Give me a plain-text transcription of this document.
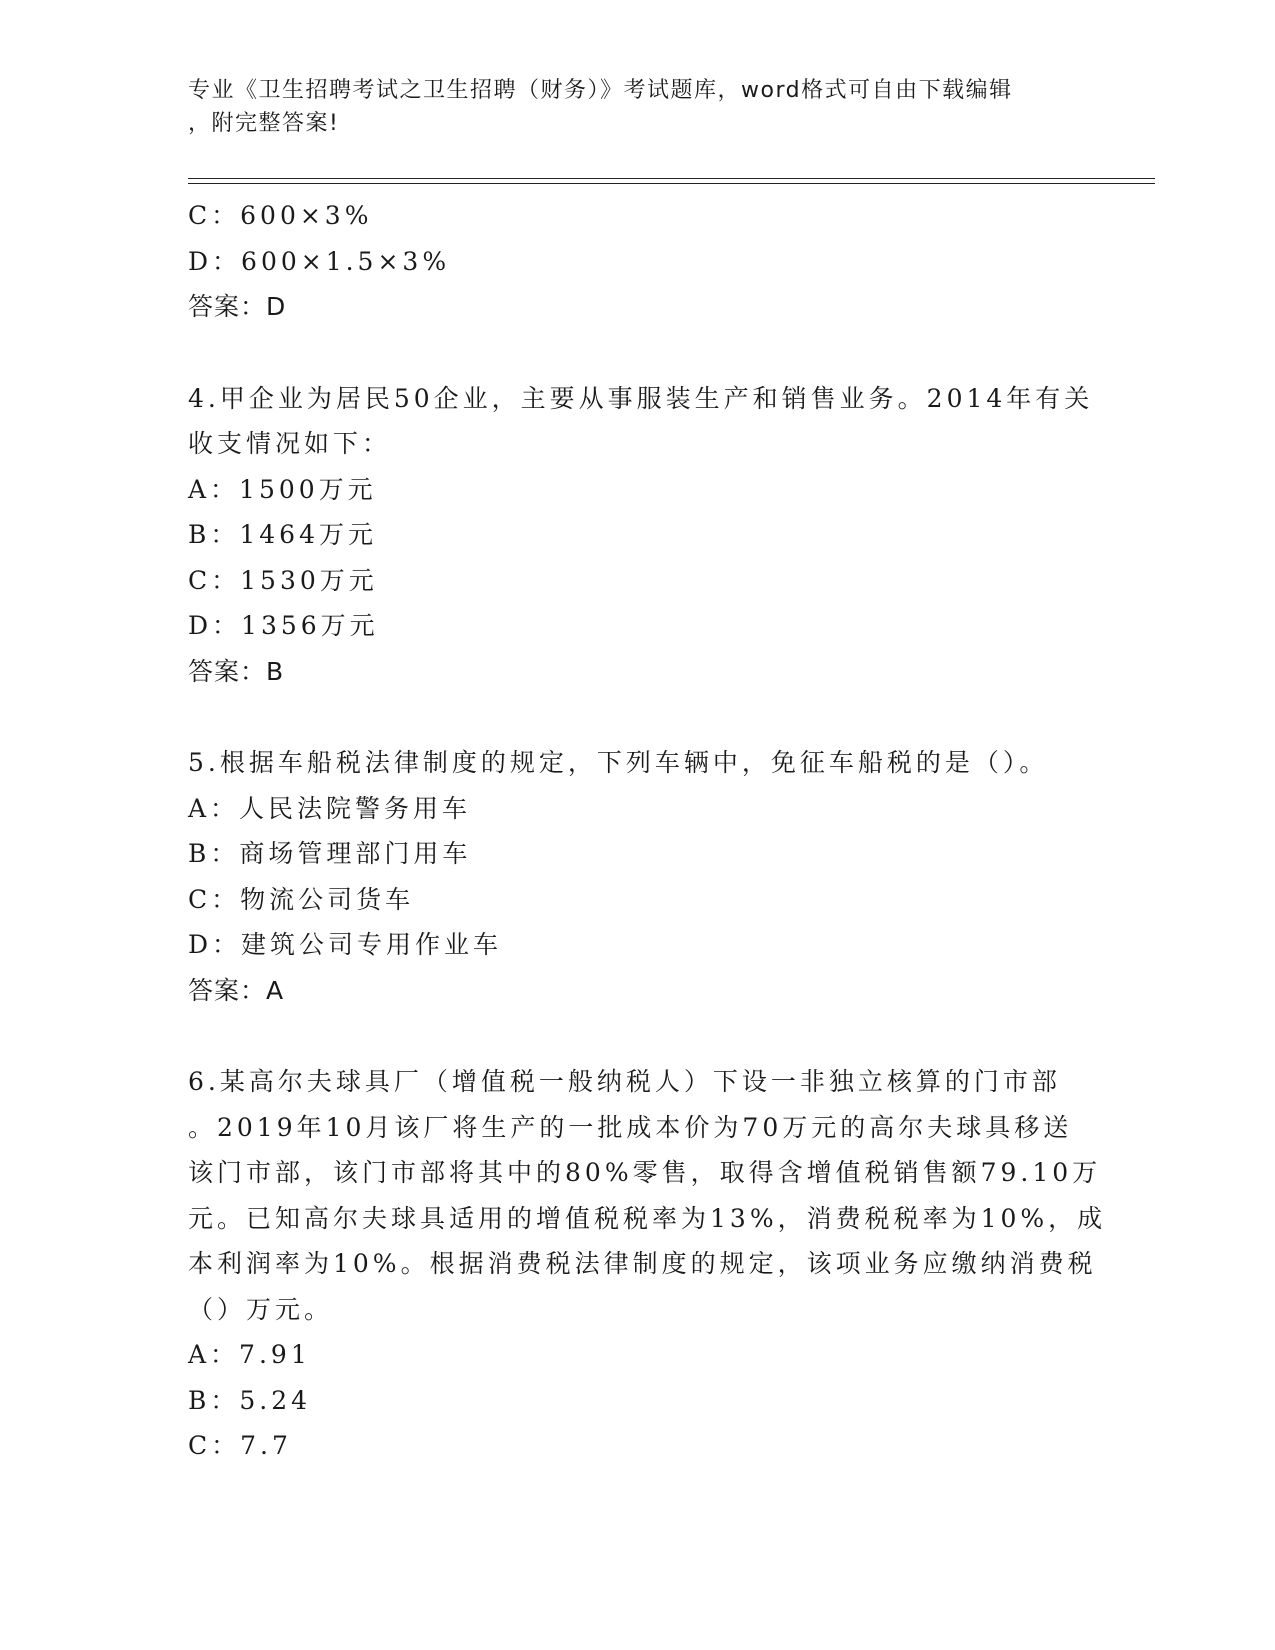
专业《卫生招聘考试之卫生招聘（财务）》考试题库，word格式可自由下载编辑
，附完整答案!
C：600×3%
D：600×1.5×3%
答案：D
4.甲企业为居民50企业，主要从事服装生产和销售业务。2014年有关
收支情况如下：
A：1500万元
B：1464万元
C：1530万元
D：1356万元
答案：B
5.根据车船税法律制度的规定，下列车辆中，免征车船税的是（）。
A：人民法院警务用车
B：商场管理部门用车
C：物流公司货车
D：建筑公司专用作业车
答案：A
6.某高尔夫球具厂（增值税一般纳税人）下设一非独立核算的门市部
。2019年10月该厂将生产的一批成本价为70万元的高尔夫球具移送
该门市部，该门市部将其中的80%零售，取得含增值税销售额79.10万
元。已知高尔夫球具适用的增值税税率为13%，消费税税率为10%，成
本利润率为10%。根据消费税法律制度的规定，该项业务应缴纳消费税
（）万元。
A：7.91
B：5.24
C：7.7
